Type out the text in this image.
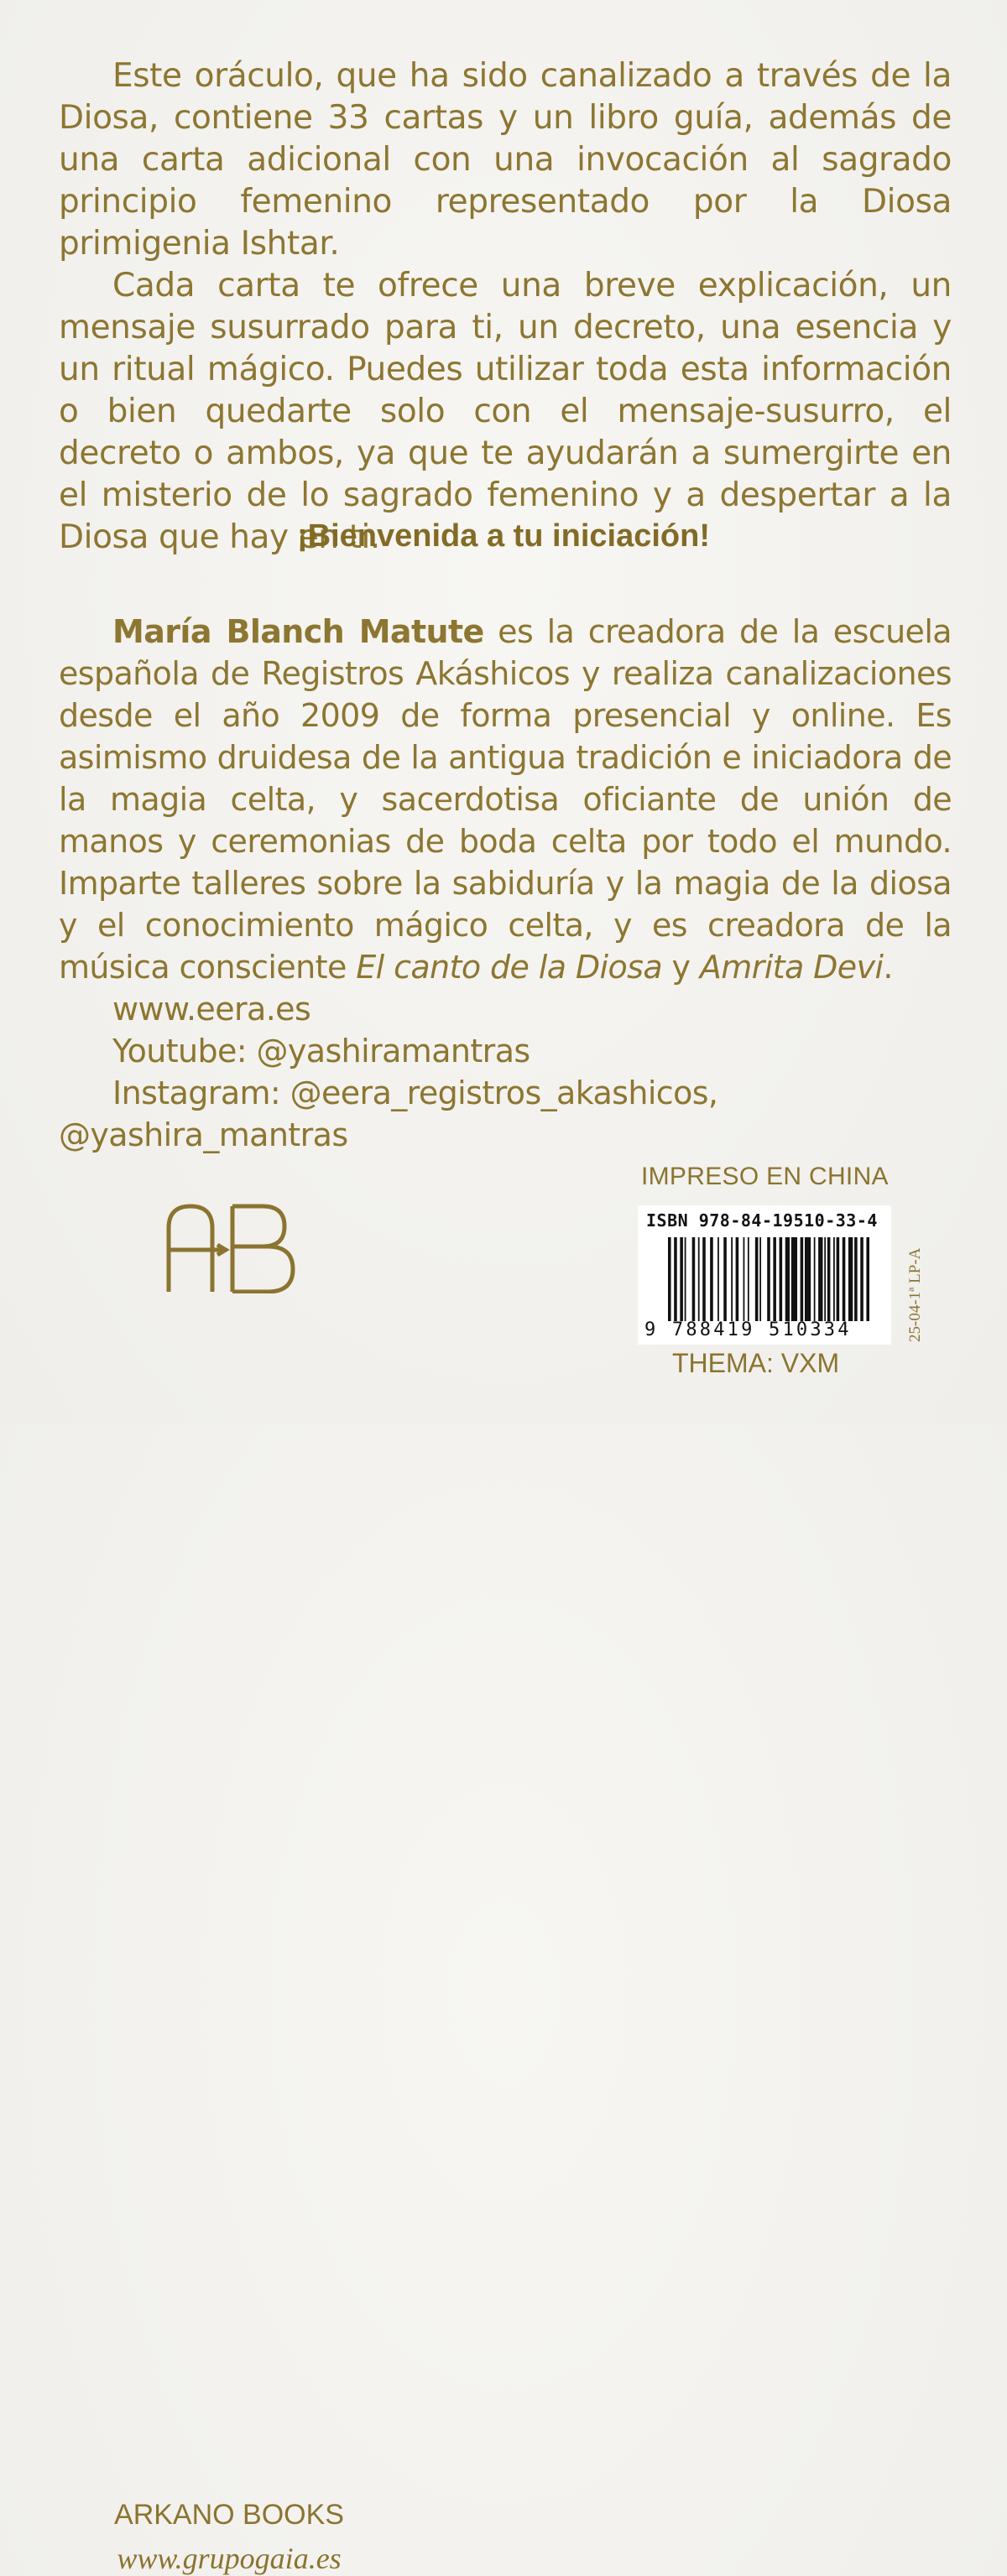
Este oráculo, que ha sido canalizado a través de la Diosa, contiene 33 cartas y un libro guía, además de una carta adicional con una invocación al sagrado principio femenino representado por la Diosa primigenia Ishtar.

Cada carta te ofrece una breve explicación, un mensaje susurrado para ti, un decreto, una esencia y un ritual mágico. Puedes utilizar toda esta información o bien quedarte solo con el mensaje-susurro, el decreto o ambos, ya que te ayudarán a sumergirte en el misterio de lo sagrado femenino y a despertar a la Diosa que hay en ti.

¡Bienvenida a tu iniciación!

María Blanch Matute es la creadora de la escuela española de Registros Akáshicos y realiza canalizaciones desde el año 2009 de forma presencial y online. Es asimismo druidesa de la antigua tradición e iniciadora de la magia celta, y sacerdotisa oficiante de unión de manos y ceremonias de boda celta por todo el mundo. Imparte talleres sobre la sabiduría y la magia de la diosa y el conocimiento mágico celta, y es creadora de la música consciente El canto de la Diosa y Amrita Devi.

www.eera.es
Youtube: @yashiramantras
Instagram: @eera_registros_akashicos, @yashira_mantras
ARKANO BOOKS
www.grupogaia.es
IMPRESO EN CHINA
ISBN 978-84-19510-33-4
9 788419 510334	25-04-1ª LP-A
THEMA: VXM
